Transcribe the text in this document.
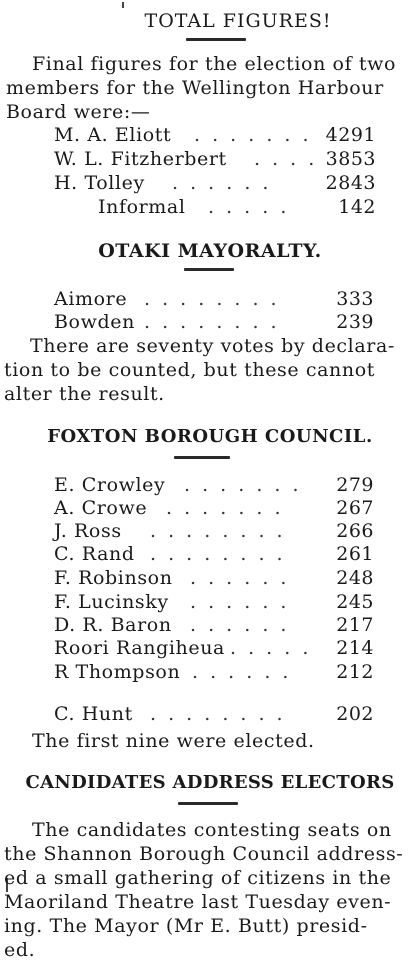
TOTAL FIGURES!
Final figures for the election of two
members for the Wellington Harbour
Board were:—
M. A. Eliott . . . . . . . 4291
W. L. Fitzherbert . . . . 3853
H. Tolley . . . . . .	2843
Informal . . . . .	142
OTAKI MAYORALTY.
Aimore . . . . . . . .	333
Bowden . . . . . . . .	239
There are seventy votes by declara-
tion to be counted, but these cannot
alter the result.
FOXTON BOROUGH COUNCIL.
E. Crowley . . . . . . . 279
A. Crowe . . . . . . .	267
J. Ross . . . . . . . .	266
C. Rand . . . . . . . .	261
F. Robinson . . . . . . 248
F. Lucinsky . . . . . . 245
D. R. Baron . . . . . . 217
Roori Rangiheua . . . . . 214
R Thompson . . . . . . 212
C. Hunt . . . . . . . .	202
The first nine were elected.
CANDIDATES ADDRESS ELECTORS
The candidates contesting seats on
the Shannon Borough Council address-
ed a small gathering of citizens in the
Maoriland Theatre last Tuesday even-
ing. The Mayor (Mr E. Butt) presid-
ed.
